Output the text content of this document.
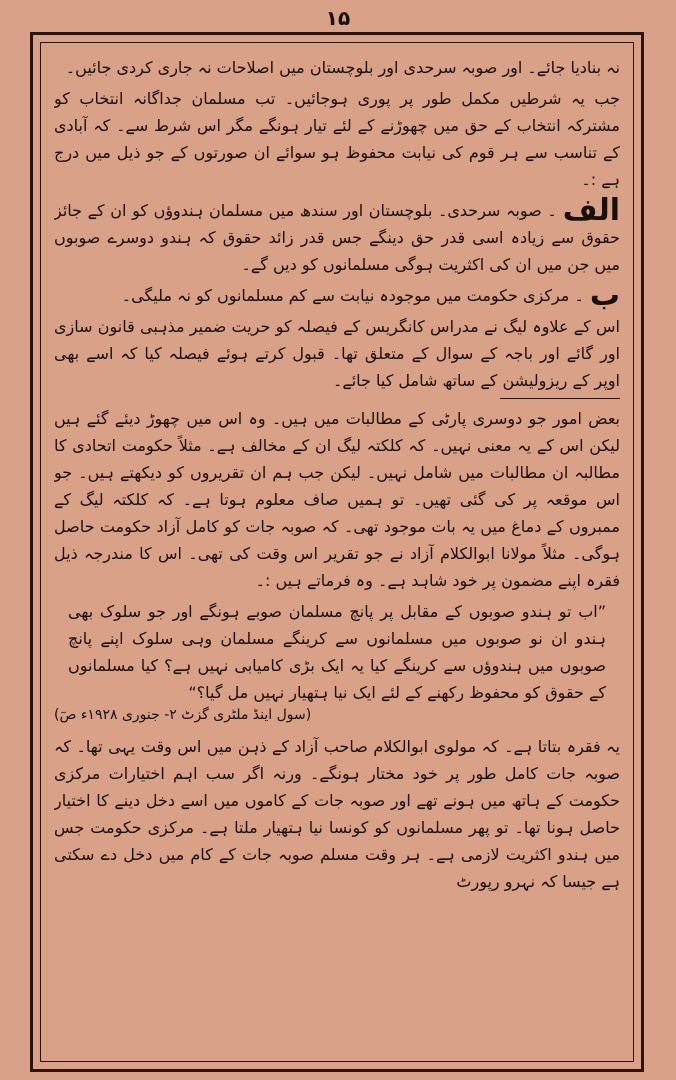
۱۵

نہ بنادیا جائے۔ اور صوبہ سرحدی اور بلوچستان میں اصلاحات نہ جاری کردی جائیں۔

جب یہ شرطیں مکمل طور پر پوری ہوجائیں۔ تب مسلمان جداگانہ انتخاب کو مشترکہ انتخاب کے حق میں چھوڑنے کے لئے تیار ہونگے مگر اس شرط سے۔ کہ آبادی کے تناسب سے ہر قوم کی نیابت محفوظ ہو سوائے ان صورتوں کے جو ذیل میں درج ہے :۔

الف۔ صوبہ سرحدی۔ بلوچستان اور سندھ میں مسلمان ہندوؤں کو ان کے جائز حقوق سے زیادہ اسی قدر حق دینگے جس قدر زائد حقوق کہ ہندو دوسرے صوبوں میں جن میں ان کی اکثریت ہوگی مسلمانوں کو دیں گے۔

ب۔ مرکزی حکومت میں موجودہ نیابت سے کم مسلمانوں کو نہ ملیگی۔

اس کے علاوہ لیگ نے مدراس کانگریس کے فیصلہ کو حریت ضمیر مذہبی قانون سازی اور گائے اور باجہ کے سوال کے متعلق تھا۔ قبول کرتے ہوئے فیصلہ کیا کہ اسے بھی اوپر کے ریزولیشن کے ساتھ شامل کیا جائے۔

بعض امور جو دوسری پارٹی کے مطالبات میں ہیں۔ وہ اس میں چھوڑ دیئے گئے ہیں لیکن اس کے یہ معنی نہیں۔ کہ کلکتہ لیگ ان کے مخالف ہے۔ مثلاً حکومت اتحادی کا مطالبہ ان مطالبات میں شامل نہیں۔ لیکن جب ہم ان تقریروں کو دیکھتے ہیں۔ جو اس موقعہ پر کی گئی تھیں۔ تو ہمیں صاف معلوم ہوتا ہے۔ کہ کلکتہ لیگ کے ممبروں کے دماغ میں یہ بات موجود تھی۔ کہ صوبہ جات کو کامل آزاد حکومت حاصل ہوگی۔ مثلاً مولانا ابوالکلام آزاد نے جو تقریر اس وقت کی تھی۔ اس کا مندرجہ ذیل فقرہ اپنے مضمون پر خود شاہد ہے۔ وہ فرماتے ہیں :۔

”اب تو ہندو صوبوں کے مقابل پر پانچ مسلمان صوبے ہونگے اور جو سلوک بھی ہندو ان نو صوبوں میں مسلمانوں سے کرینگے مسلمان وہی سلوک اپنے پانچ صوبوں میں ہندوؤں سے کرینگے کیا یہ ایک بڑی کامیابی نہیں ہے؟ کیا مسلمانوں کے حقوق کو محفوظ رکھنے کے لئے ایک نیا ہتھیار نہیں مل گیا؟“

(سول اینڈ ملٹری گزٹ ۲- جنوری ۱۹۲۸ء صٓ)

یہ فقرہ بتاتا ہے۔ کہ مولوی ابوالکلام صاحب آزاد کے ذہن میں اس وقت یہی تھا۔ کہ صوبہ جات کامل طور پر خود مختار ہونگے۔ ورنہ اگر سب اہم اختیارات مرکزی حکومت کے ہاتھ میں ہونے تھے اور صوبہ جات کے کاموں میں اسے دخل دینے کا اختیار حاصل ہونا تھا۔ تو پھر مسلمانوں کو کونسا نیا ہتھیار ملتا ہے۔ مرکزی حکومت جس میں ہندو اکثریت لازمی ہے۔ ہر وقت مسلم صوبہ جات کے کام میں دخل دے سکتی ہے جیسا کہ نہرو رپورٹ
